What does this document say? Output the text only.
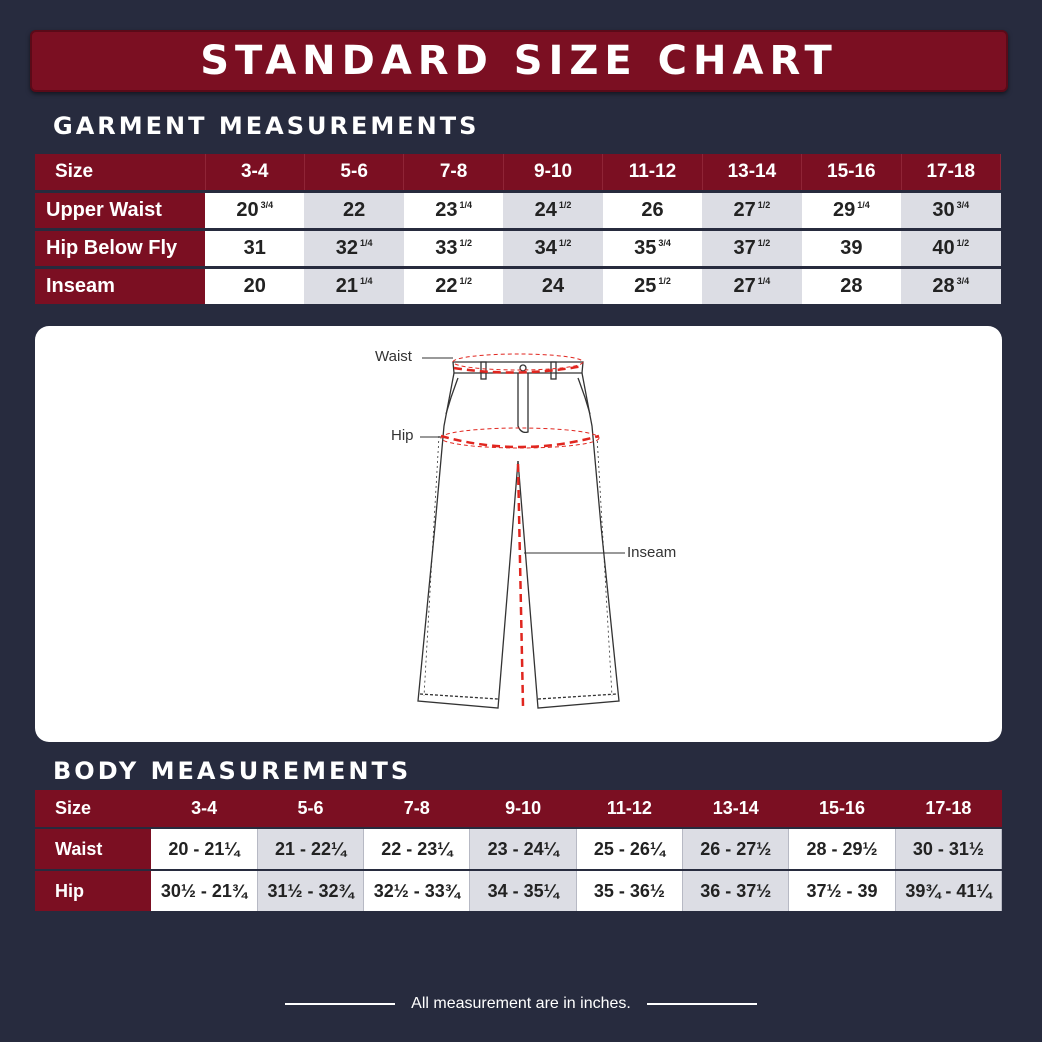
STANDARD SIZE CHART
GARMENT MEASUREMENTS
Size	3-4	5-6	7-8	9-10	11-12	13-14	15-16	17-18
Upper Waist	20 $^{3/4}$	22	23 $^{1/4}$	24 $^{1/2}$	26	27 $^{1/2}$	29 $^{1/4}$	30 $^{3/4}$
Hip Below Fly	31	32 $^{1/4}$	33 $^{1/2}$	34 $^{1/2}$	35 $^{3/4}$	37 $^{1/2}$	39	40 $^{1/2}$
Inseam	20	21 $^{1/4}$	22 $^{1/2}$	24	25 $^{1/2}$	27 $^{1/4}$	28	28 $^{3/4}$
Waist
Hip
Inseam
BODY MEASUREMENTS
Size	3-4	5-6	7-8	9-10	11-12	13-14	15-16	17-18
Waist	20 - 21¼	21 - 22¼	22 - 23¼	23 - 24¼	25 - 26¼	26 - 27½	28 - 29½	30 - 31½
Hip	30½ - 21¾	31½ - 32¾	32½ - 33¾	34 - 35¼	35 - 36½	36 - 37½	37½ - 39	39¾ - 41¼
All measurement are in inches.
